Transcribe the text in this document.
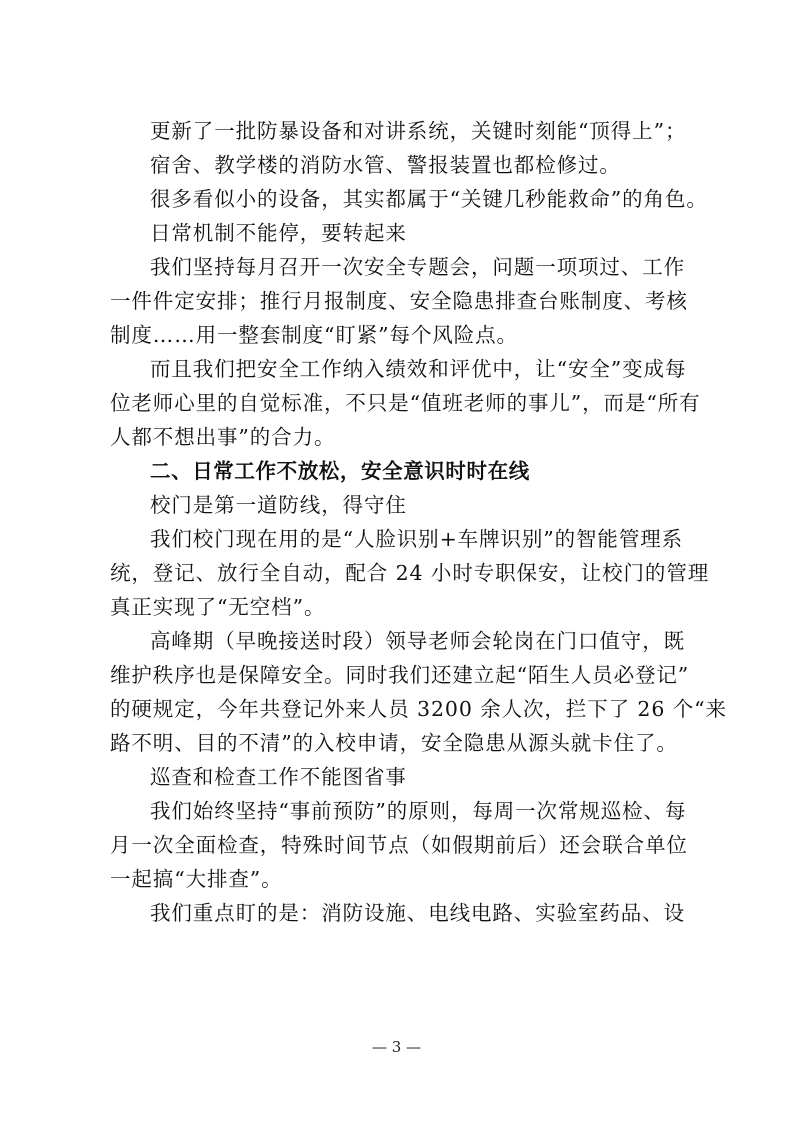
更新了一批防暴设备和对讲系统，关键时刻能“顶得上”；
宿舍、教学楼的消防水管、警报装置也都检修过。
很多看似小的设备，其实都属于“关键几秒能救命”的角色。
日常机制不能停，要转起来
我们坚持每月召开一次安全专题会，问题一项项过、工作
一件件定安排；推行月报制度、安全隐患排查台账制度、考核
制度……用一整套制度“盯紧”每个风险点。
而且我们把安全工作纳入绩效和评优中，让“安全”变成每
位老师心里的自觉标准，不只是“值班老师的事儿”，而是“所有
人都不想出事”的合力。
二、日常工作不放松，安全意识时时在线
校门是第一道防线，得守住
我们校门现在用的是“人脸识别+车牌识别”的智能管理系
统，登记、放行全自动，配合 24 小时专职保安，让校门的管理
真正实现了“无空档”。
高峰期（早晚接送时段）领导老师会轮岗在门口值守，既
维护秩序也是保障安全。同时我们还建立起“陌生人员必登记”
的硬规定，今年共登记外来人员 3200 余人次，拦下了 26 个“来
路不明、目的不清”的入校申请，安全隐患从源头就卡住了。
巡查和检查工作不能图省事
我们始终坚持“事前预防”的原则，每周一次常规巡检、每
月一次全面检查，特殊时间节点（如假期前后）还会联合单位
一起搞“大排查”。
我们重点盯的是：消防设施、电线电路、实验室药品、设
— 3 —
